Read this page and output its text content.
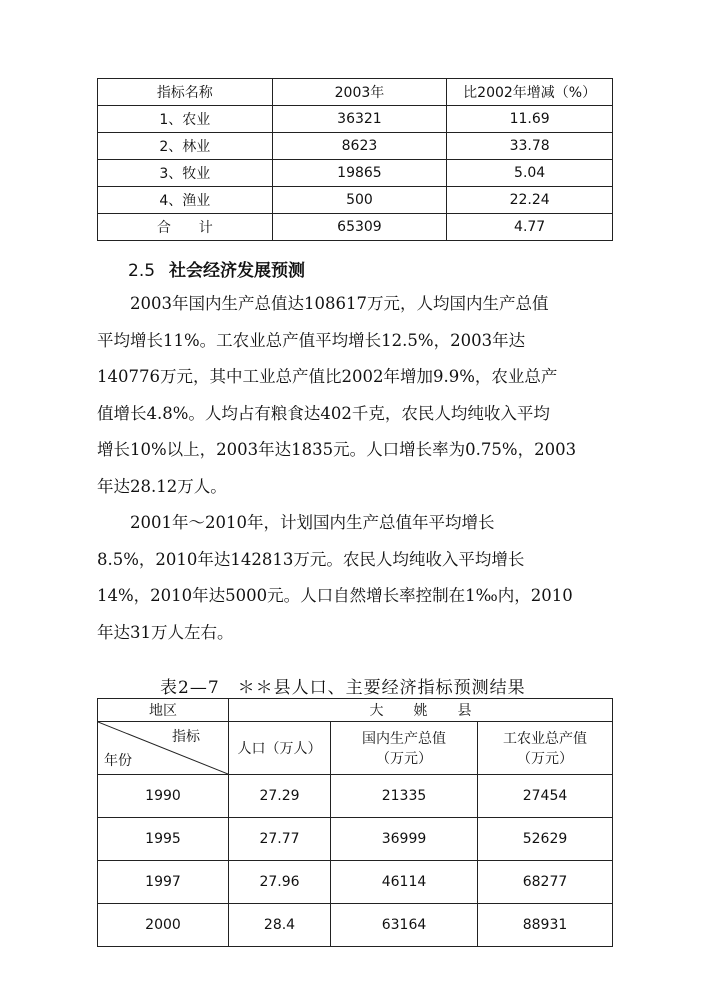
指标名称	2003年	比2002年增减（%）
1、农业	36321	11.69
2、林业	8623	33.78
3、牧业	19865	5.04
4、渔业	500	22.24
合　　计	65309	4.77
2.5 社会经济发展预测

　　2003年国内生产总值达108617万元，人均国内生产总值

平均增长11%。工农业总产值平均增长12.5%，2003年达

140776万元，其中工业总产值比2002年增加9.9%，农业总产

值增长4.8%。人均占有粮食达402千克，农民人均纯收入平均

增长10%以上，2003年达1835元。人口增长率为0.75%，2003

年达28.12万人。

　　2001年～2010年，计划国内生产总值年平均增长

8.5%，2010年达142813万元。农民人均纯收入平均增长

14%，2010年达5000元。人口自然增长率控制在1‰内，2010

年达31万人左右。

表2—7　＊＊县人口、主要经济指标预测结果
地区	大姚县		

指标
年份	人口（万人）	国内生产总值（万元）	工农业总产值（万元）
1990	27.29	21335	27454
1995	27.77	36999	52629
1997	27.96	46114	68277
2000	28.4	63164	88931
